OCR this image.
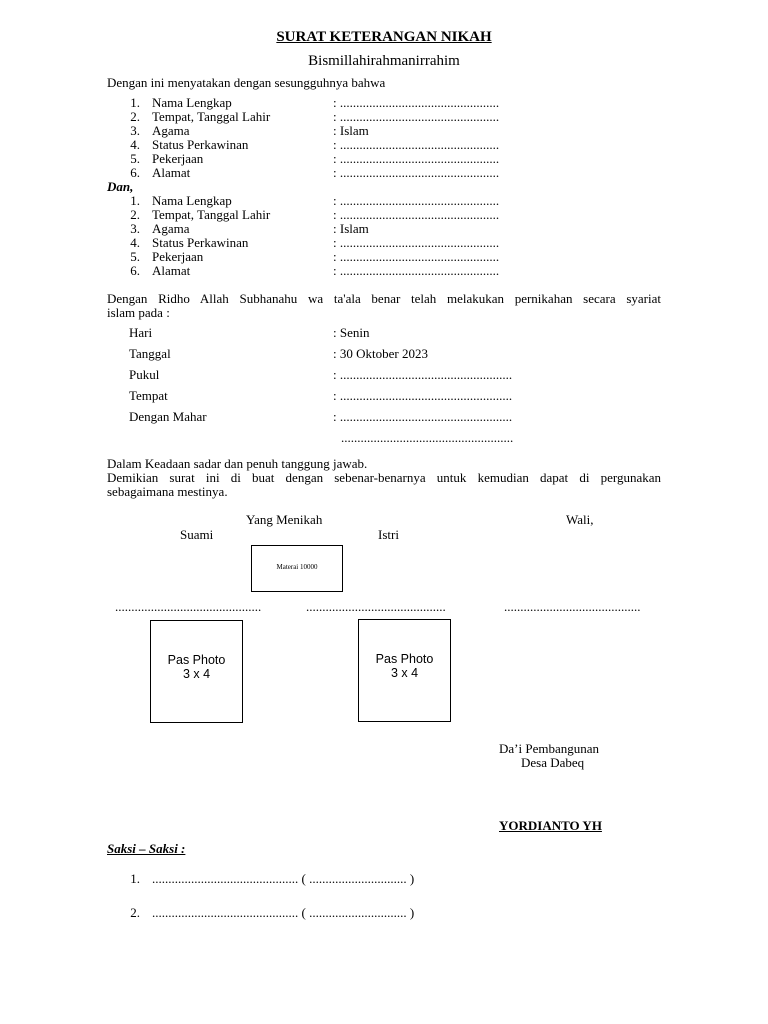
SURAT KETERANGAN NIKAH
Bismillahirahmanirrahim
Dengan ini menyatakan dengan sesungguhnya bahwa
1. Nama Lengkap	: .................................................
2. Tempat, Tanggal Lahir	: .................................................
3. Agama	: Islam
4. Status Perkawinan	: .................................................
5. Pekerjaan	: .................................................
6. Alamat	: .................................................
Dan,
1. Nama Lengkap	: .................................................
2. Tempat, Tanggal Lahir	: .................................................
3. Agama	: Islam
4. Status Perkawinan	: .................................................
5. Pekerjaan	: .................................................
6. Alamat	: .................................................
Dengan Ridho Allah Subhanahu wa ta'ala benar telah melakukan pernikahan secara syariat
islam pada :
Hari	: Senin
Tanggal	: 30 Oktober 2023
Pukul	: .....................................................
Tempat	: .....................................................
Dengan Mahar	: .....................................................
.....................................................
Dalam Keadaan sadar dan penuh tanggung jawab.
Demikian surat ini di buat dengan sebenar-benarnya untuk kemudian dapat di pergunakan
sebagaimana mestinya.
Yang Menikah	Wali,
Suami	Istri
Materai 10000
.............................................	...........................................	..........................................
Pas Photo
3 x 4
Pas Photo
3 x 4
Da’i Pembangunan
Desa Dabeq
YORDIANTO YH
Saksi – Saksi :
1. ............................................. ( .............................. )
2. ............................................. ( .............................. )
